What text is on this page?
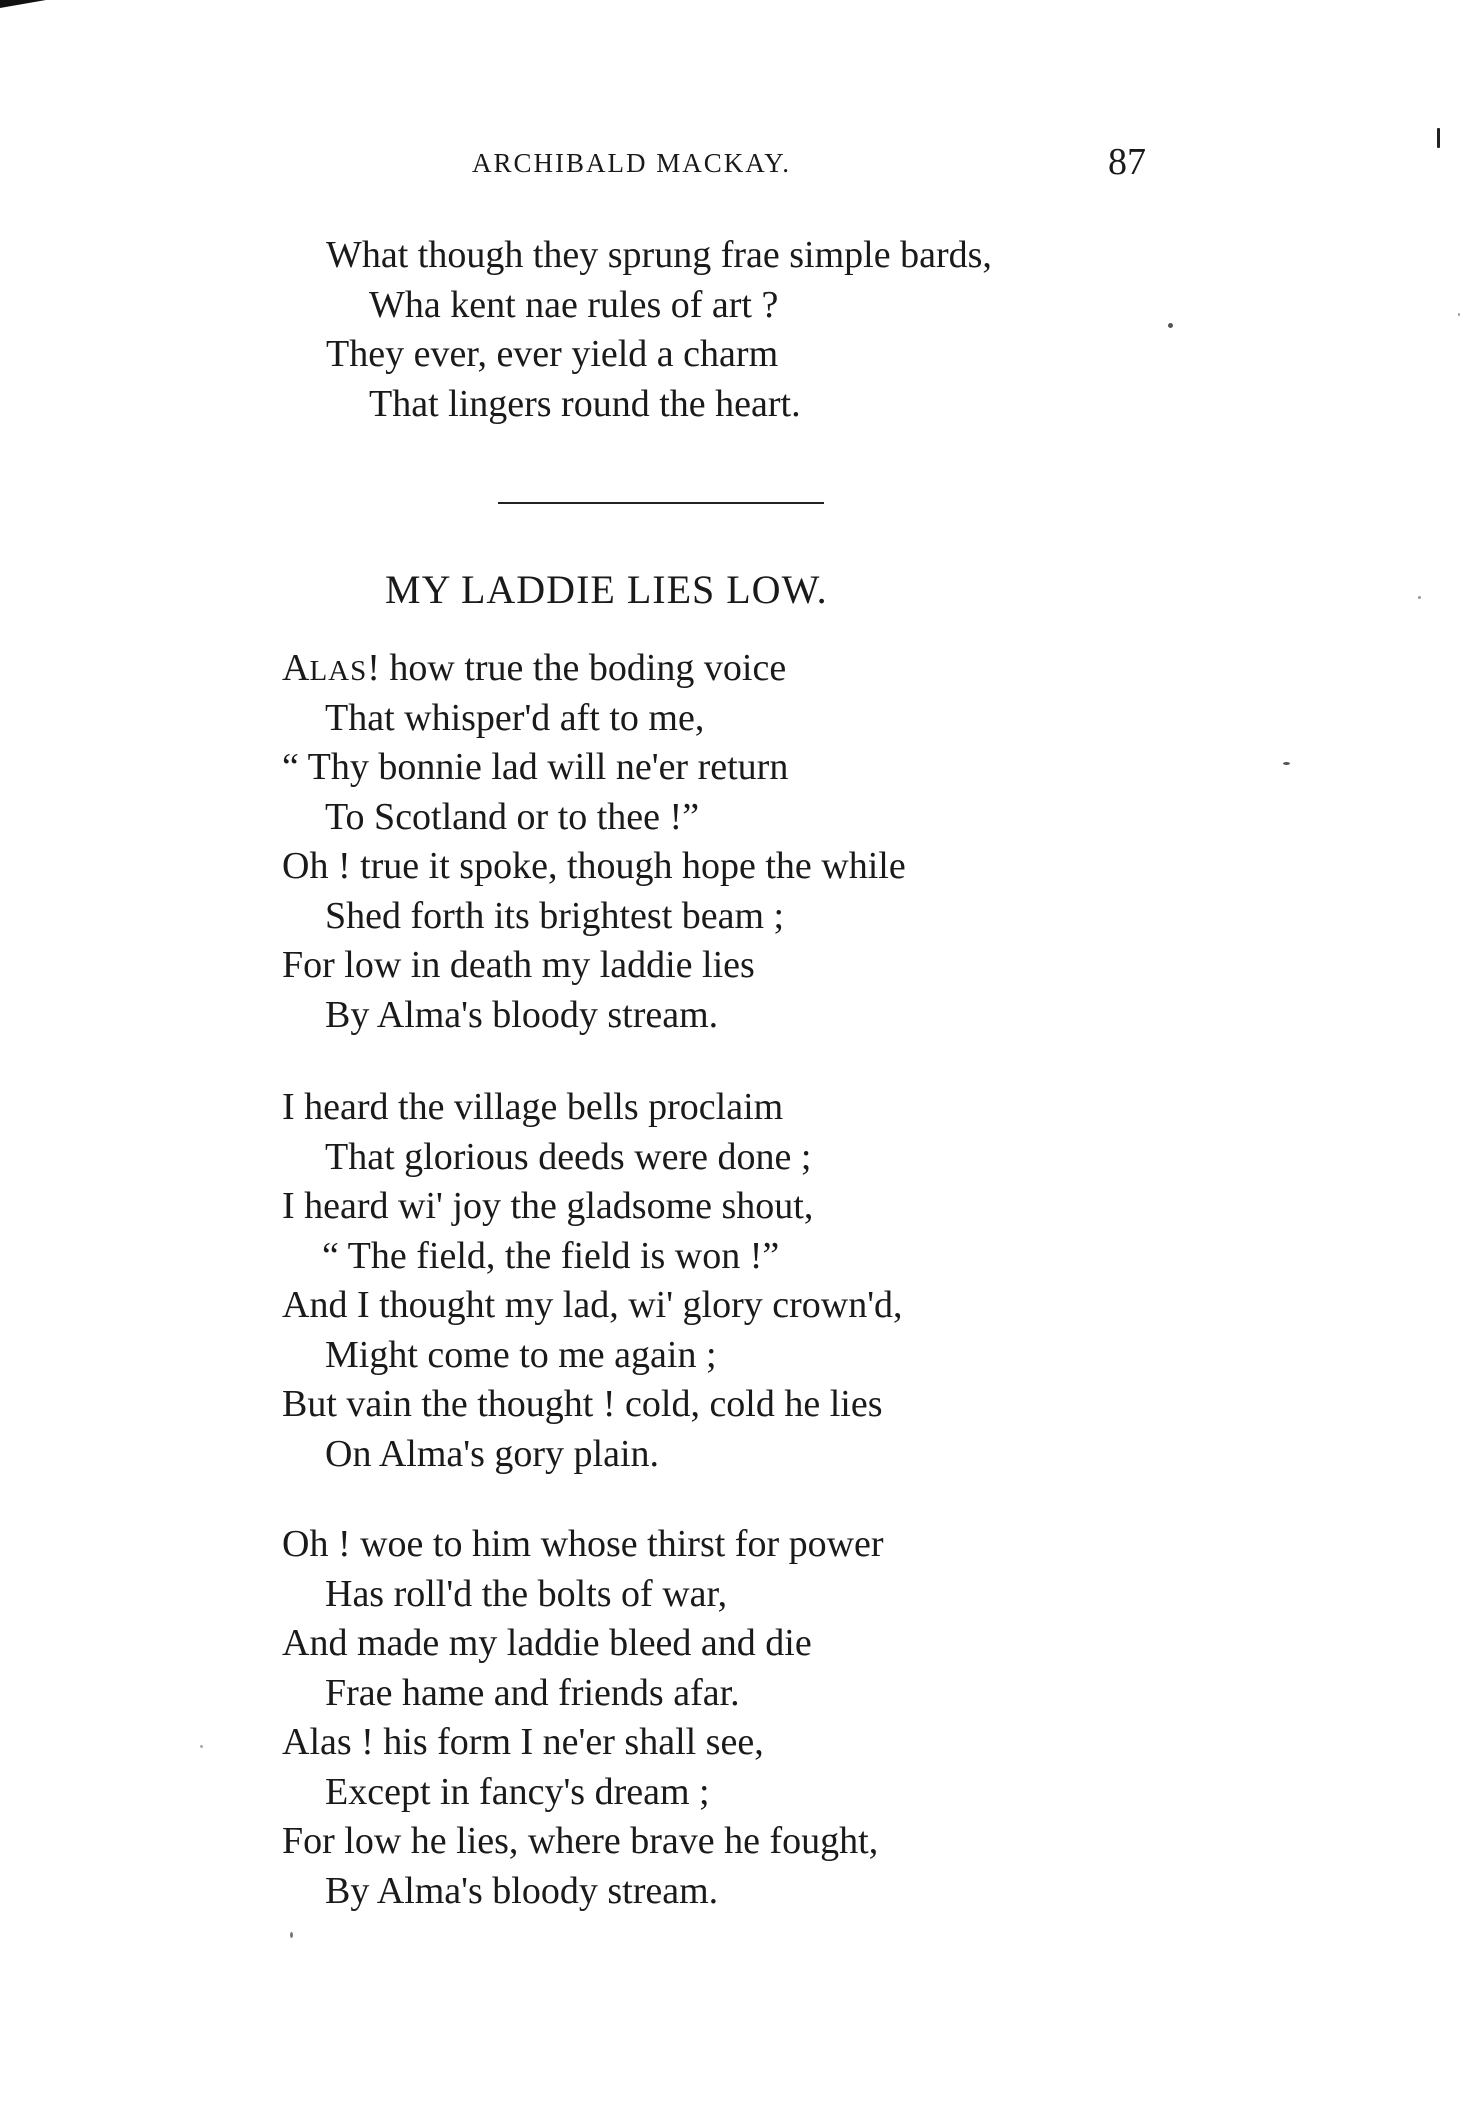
ARCHIBALD MACKAY.	87
What though they sprung frae simple bards,
Wha kent nae rules of art ?
They ever, ever yield a charm
That lingers round the heart.
MY LADDIE LIES LOW.
ALAS! how true the boding voice
That whisper'd aft to me,
“ Thy bonnie lad will ne'er return
To Scotland or to thee !”
Oh ! true it spoke, though hope the while
Shed forth its brightest beam ;
For low in death my laddie lies
By Alma's bloody stream.
I heard the village bells proclaim
That glorious deeds were done ;
I heard wi' joy the gladsome shout,
“ The field, the field is won !”
And I thought my lad, wi' glory crown'd,
Might come to me again ;
But vain the thought ! cold, cold he lies
On Alma's gory plain.
Oh ! woe to him whose thirst for power
Has roll'd the bolts of war,
And made my laddie bleed and die
Frae hame and friends afar.
Alas ! his form I ne'er shall see,
Except in fancy's dream ;
For low he lies, where brave he fought,
By Alma's bloody stream.
